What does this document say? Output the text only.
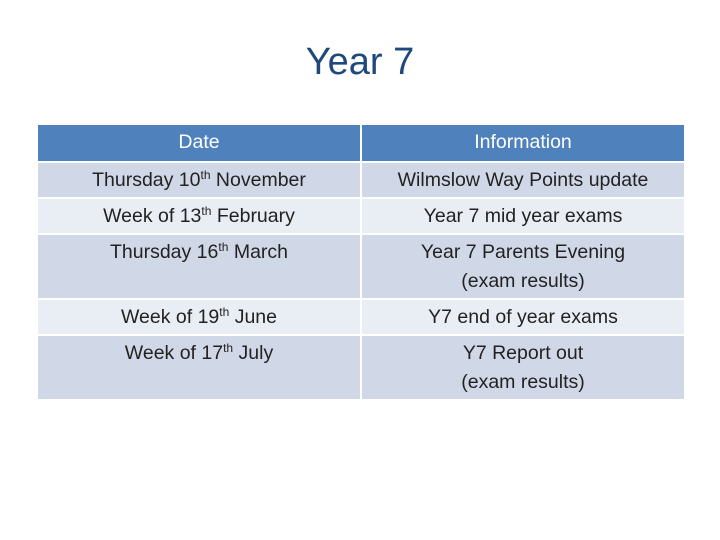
Year 7
Date	Information
Thursday 10th November	Wilmslow Way Points update

Week of 13th February	Year 7 mid year exams

Thursday 16th March	Year 7 Parents Evening
(exam results)

Week of 19th June	Y7 end of year exams

Week of 17th July	Y7 Report out
(exam results)
